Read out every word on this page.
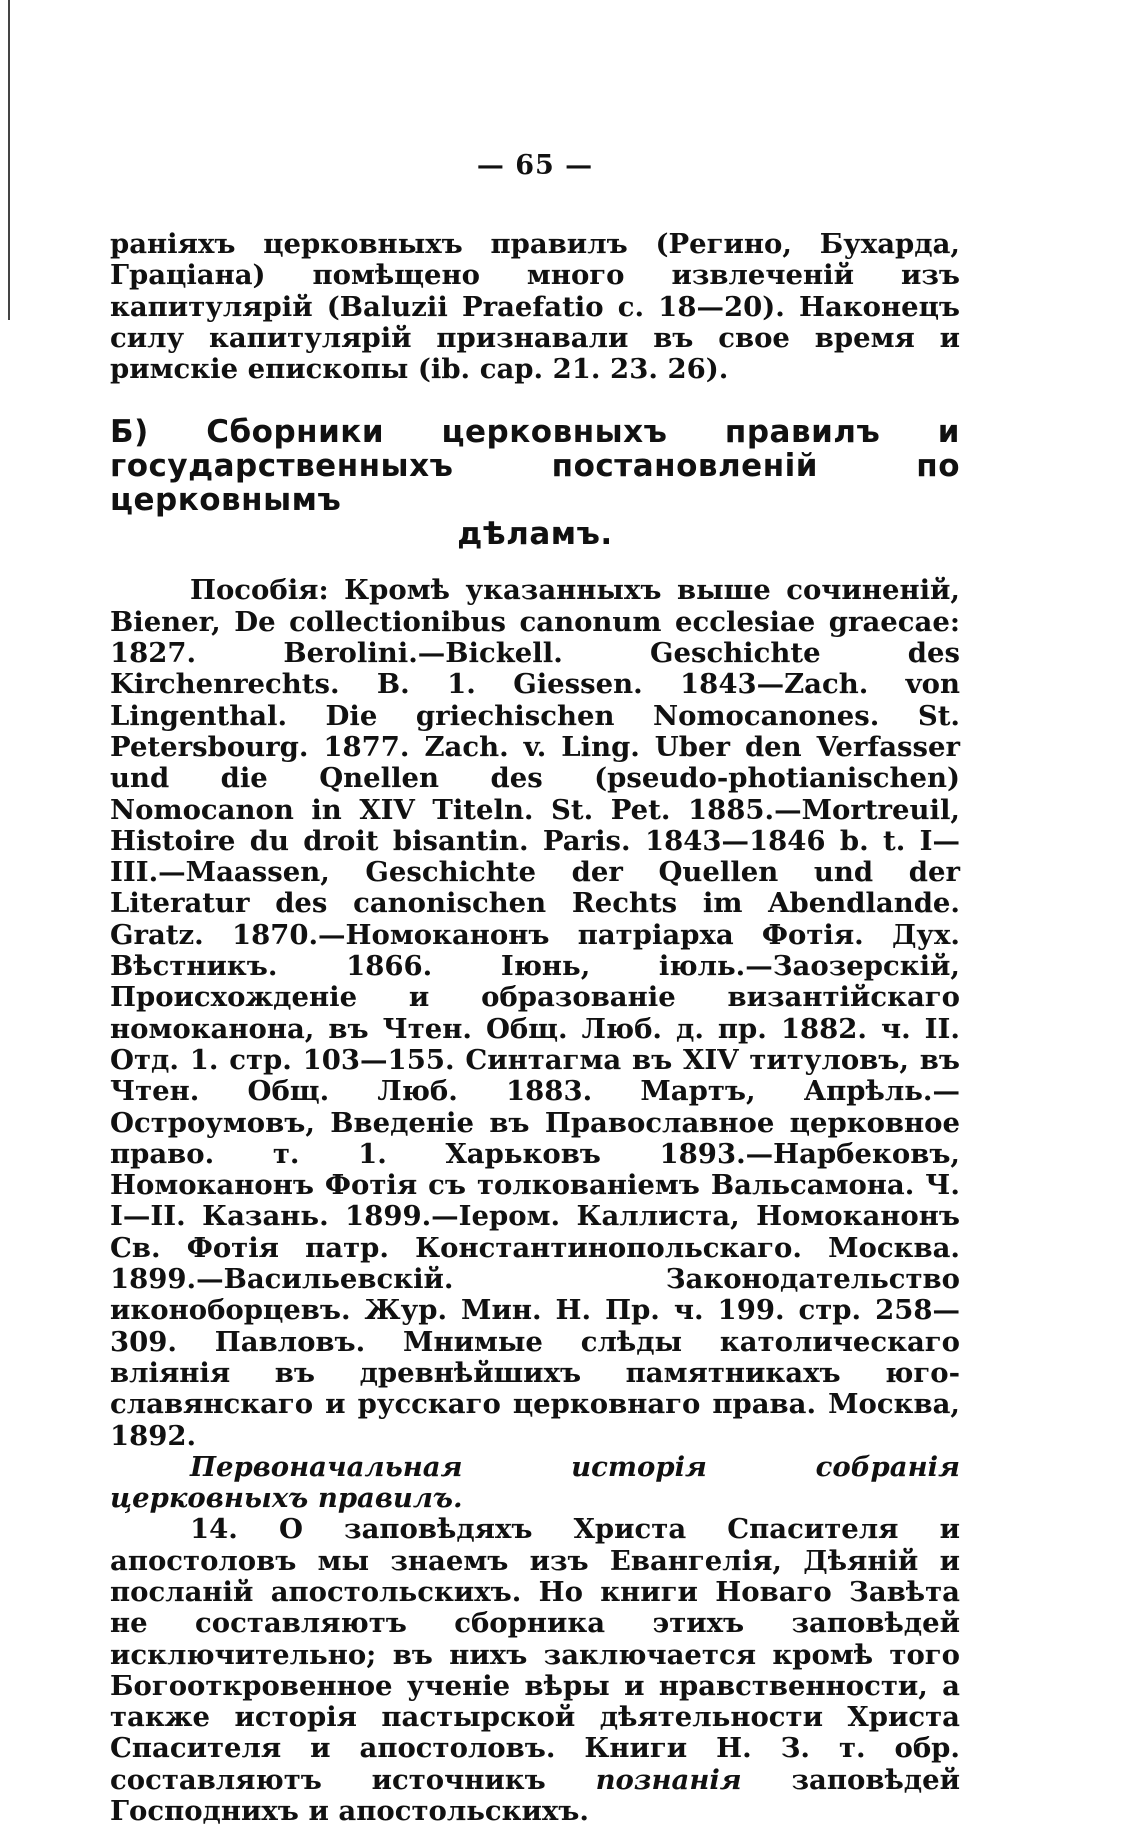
— 65 —

раніяхъ церковныхъ правилъ (Регино, Бухарда, Граціана) помѣщено много извлеченій изъ капитулярій (Baluzii Praefatio c. 18—20). Наконецъ силу капитулярій признавали въ свое время и римскіе епископы (ib. cap. 21. 23. 26).

Б) Сборники церковныхъ правилъ и государственныхъ постановленій по церковнымъ
дѣламъ.

Пособія: Кромѣ указанныхъ выше сочиненій, Biener, De collectionibus canonum ecclesiae graecae: 1827. Berolini.—Bickell. Geschichte des Kirchenrechts. B. 1. Giessen. 1843—Zach. von Lingenthal. Die griechischen Nomocanones. St. Petersbourg. 1877. Zach. v. Ling. Uber den Verfasser und die Qnellen des (pseudo-photianischen) Nomocanon in XIV Titeln. St. Pet. 1885.—Mortreuil, Histoire du droit bisantin. Paris. 1843—1846 b. t. I—III.—Maassen, Geschichte der Quellen und der Literatur des canonischen Rechts im Abendlande. Gratz. 1870.—Номоканонъ патріарха Фотія. Дух. Вѣстникъ. 1866. Іюнь, іюль.—Заозерскій, Происхожденіе и образованіе византійскаго номоканона, въ Чтен. Общ. Люб. д. пр. 1882. ч. II. Отд. 1. стр. 103—155. Синтагма въ XIV титуловъ, въ Чтен. Общ. Люб. 1883. Мартъ, Апрѣль.—Остроумовъ, Введеніе въ Православное церковное право. т. 1. Харьковъ 1893.—Нарбековъ, Номоканонъ Фотія съ толкованіемъ Вальсамона. Ч. I—II. Казань. 1899.—Іером. Каллиста, Номоканонъ Св. Фотія патр. Константинопольскаго. Москва. 1899.—Васильевскій. Законодательство иконоборцевъ. Жур. Мин. Н. Пр. ч. 199. стр. 258—309. Павловъ. Мнимые слѣды католическаго вліянія въ древнѣйшихъ памятникахъ юго-славянскаго и русскаго церковнаго права. Москва, 1892.

Первоначальная исторія собранія церковныхъ правилъ.

14. О заповѣдяхъ Христа Спасителя и апостоловъ мы знаемъ изъ Евангелія, Дѣяній и посланій апостольскихъ. Но книги Новаго Завѣта не составляютъ сборника этихъ заповѣдей исключительно; въ нихъ заключается кромѣ того Богооткровенное ученіе вѣры и нравственности, а также исторія пастырской дѣятельности Христа Спасителя и апостоловъ. Книги Н. З. т. обр. составляютъ источникъ познанія заповѣдей Господнихъ и апостольскихъ.
